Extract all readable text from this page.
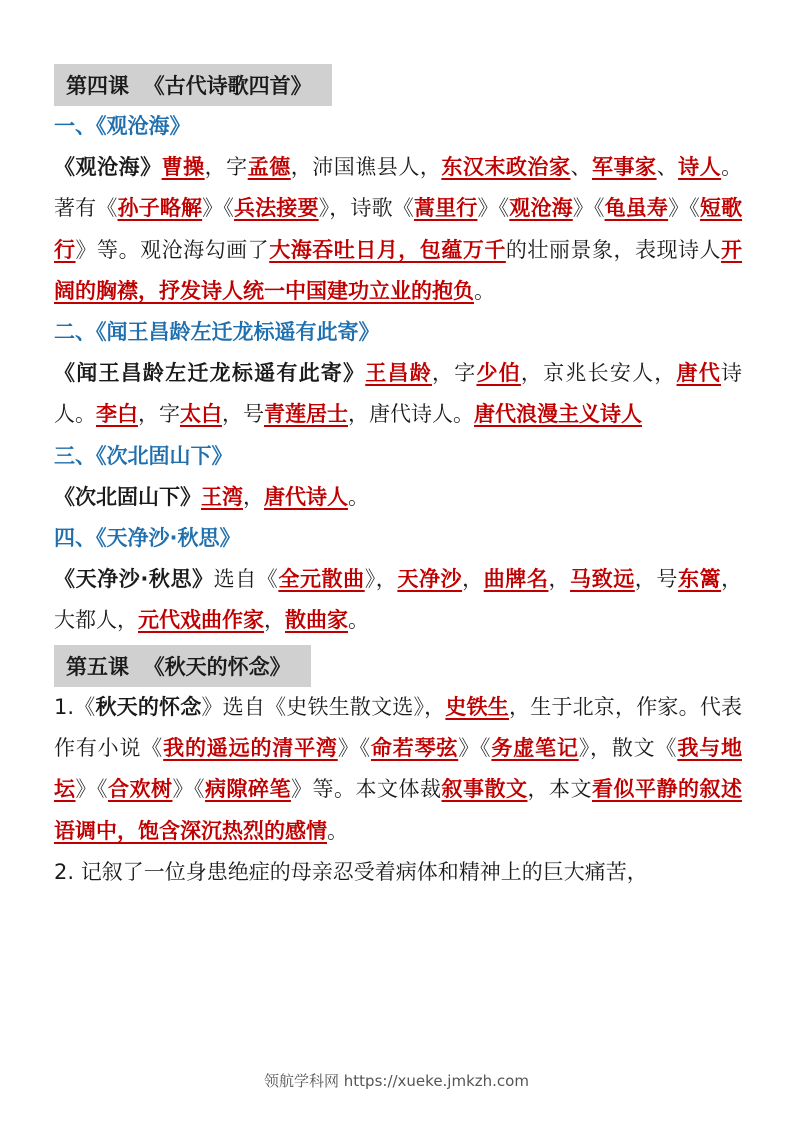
第四课  《古代诗歌四首》
一、《观沧海》
《观沧海》曹操，字孟德，沛国谯县人，东汉末政治家、军事家、诗人。著有《孙子略解》《兵法接要》，诗歌《蒿里行》《观沧海》《龟虽寿》《短歌行》等。观沧海勾画了大海吞吐日月，包蕴万千的壮丽景象，表现诗人开阔的胸襟，抒发诗人统一中国建功立业的抱负。
二、《闻王昌龄左迁龙标遥有此寄》
《闻王昌龄左迁龙标遥有此寄》王昌龄，字少伯，京兆长安人，唐代诗人。李白，字太白，号青莲居士，唐代诗人。唐代浪漫主义诗人
三、《次北固山下》
《次北固山下》王湾，唐代诗人。
四、《天净沙·秋思》
《天净沙·秋思》选自《全元散曲》，天净沙，曲牌名，马致远，号东篱，大都人，元代戏曲作家，散曲家。
第五课  《秋天的怀念》
1.《秋天的怀念》选自《史铁生散文选》，史铁生，生于北京，作家。代表作有小说《我的遥远的清平湾》《命若琴弦》《务虚笔记》，散文《我与地坛》《合欢树》《病隙碎笔》等。本文体裁叙事散文，本文看似平静的叙述语调中，饱含深沉热烈的感情。
2. 记叙了一位身患绝症的母亲忍受着病体和精神上的巨大痛苦，
领航学科网 https://xueke.jmkzh.com
